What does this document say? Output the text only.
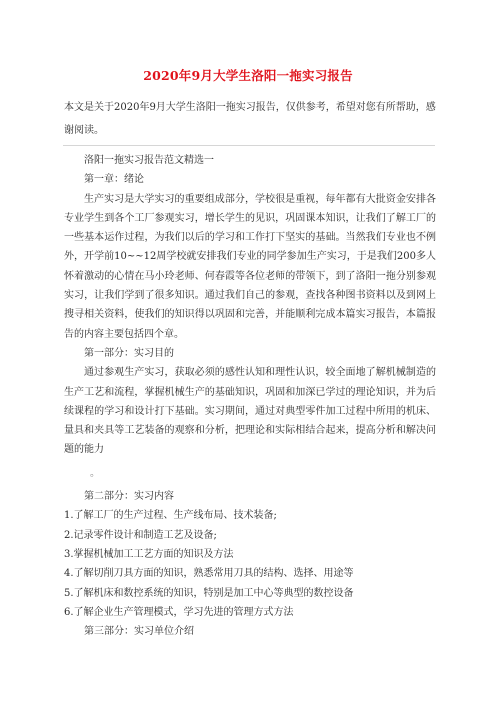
2020年9月大学生洛阳一拖实习报告

本文是关于2020年9月大学生洛阳一拖实习报告，仅供参考，希望对您有所帮助，感谢阅读。

洛阳一拖实习报告范文精选一

第一章：绪论

生产实习是大学实习的重要组成部分，学校很是重视，每年都有大批资金安排各专业学生到各个工厂参观实习，增长学生的见识，巩固课本知识，让我们了解工厂的一些基本运作过程，为我们以后的学习和工作打下坚实的基础。当然我们专业也不例外，开学前10~~12周学校就安排我们专业的同学参加生产实习，于是我们200多人怀着激动的心情在马小玲老师、何春霞等各位老师的带领下，到了洛阳一拖分别参观实习，让我们学到了很多知识。通过我们自己的参观，查找各种图书资料以及到网上搜寻相关资料，使我们的知识得以巩固和完善，并能顺利完成本篇实习报告，本篇报告的内容主要包括四个章。

第一部分：实习目的

通过参观生产实习，获取必须的感性认知和理性认识，较全面地了解机械制造的生产工艺和流程，掌握机械生产的基础知识，巩固和加深已学过的理论知识，并为后续课程的学习和设计打下基础。实习期间，通过对典型零件加工过程中所用的机床、量具和夹具等工艺装备的观察和分析，把理论和实际相结合起来，提高分析和解决问题的能力

。

第二部分：实习内容

1.了解工厂的生产过程、生产线布局、技术装备;

2.记录零件设计和制造工艺及设备;

3.掌握机械加工工艺方面的知识及方法

4.了解切削刀具方面的知识，熟悉常用刀具的结构、选择、用途等

5.了解机床和数控系统的知识，特别是加工中心等典型的数控设备

6.了解企业生产管理模式，学习先进的管理方式方法

第三部分：实习单位介绍
